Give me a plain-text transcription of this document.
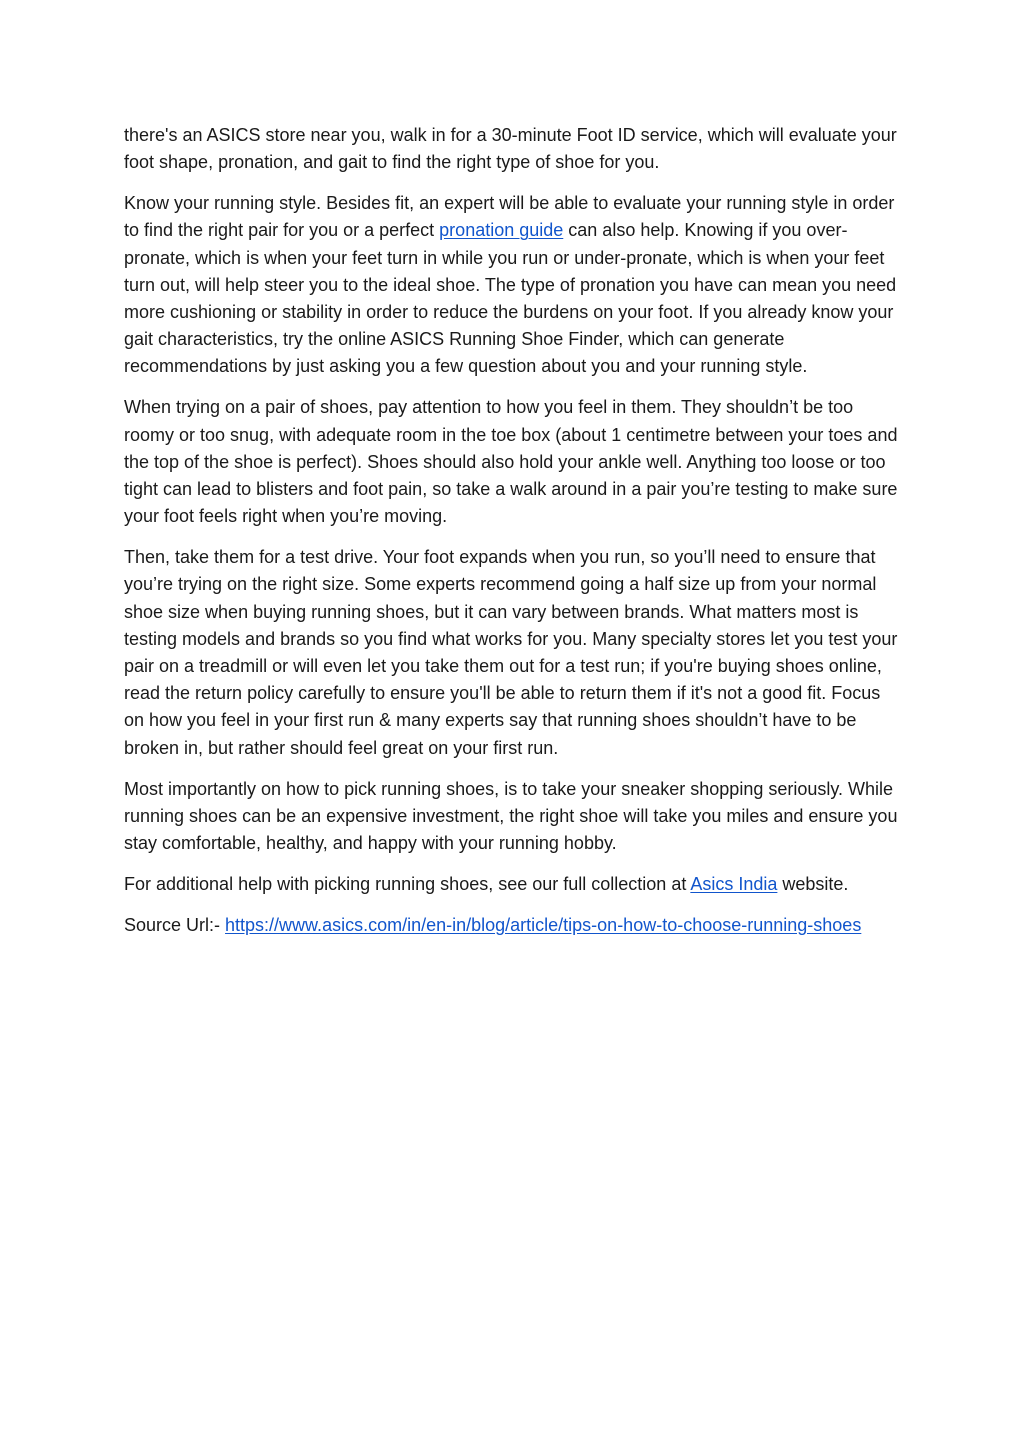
there's an ASICS store near you, walk in for a 30-minute Foot ID service, which will evaluate your foot shape, pronation, and gait to find the right type of shoe for you.

Know your running style. Besides fit, an expert will be able to evaluate your running style in order to find the right pair for you or a perfect pronation guide can also help. Knowing if you over-pronate, which is when your feet turn in while you run or under-pronate, which is when your feet turn out, will help steer you to the ideal shoe. The type of pronation you have can mean you need more cushioning or stability in order to reduce the burdens on your foot. If you already know your gait characteristics, try the online ASICS Running Shoe Finder, which can generate recommendations by just asking you a few question about you and your running style.

When trying on a pair of shoes, pay attention to how you feel in them. They shouldn’t be too roomy or too snug, with adequate room in the toe box (about 1 centimetre between your toes and the top of the shoe is perfect). Shoes should also hold your ankle well. Anything too loose or too tight can lead to blisters and foot pain, so take a walk around in a pair you’re testing to make sure your foot feels right when you’re moving.

Then, take them for a test drive. Your foot expands when you run, so you’ll need to ensure that you’re trying on the right size. Some experts recommend going a half size up from your normal shoe size when buying running shoes, but it can vary between brands. What matters most is testing models and brands so you find what works for you. Many specialty stores let you test your pair on a treadmill or will even let you take them out for a test run; if you're buying shoes online, read the return policy carefully to ensure you'll be able to return them if it's not a good fit. Focus on how you feel in your first run & many experts say that running shoes shouldn’t have to be broken in, but rather should feel great on your first run.

Most importantly on how to pick running shoes, is to take your sneaker shopping seriously. While running shoes can be an expensive investment, the right shoe will take you miles and ensure you stay comfortable, healthy, and happy with your running hobby.

For additional help with picking running shoes, see our full collection at Asics India website.

Source Url:- https://www.asics.com/in/en-in/blog/article/tips-on-how-to-choose-running-shoes
